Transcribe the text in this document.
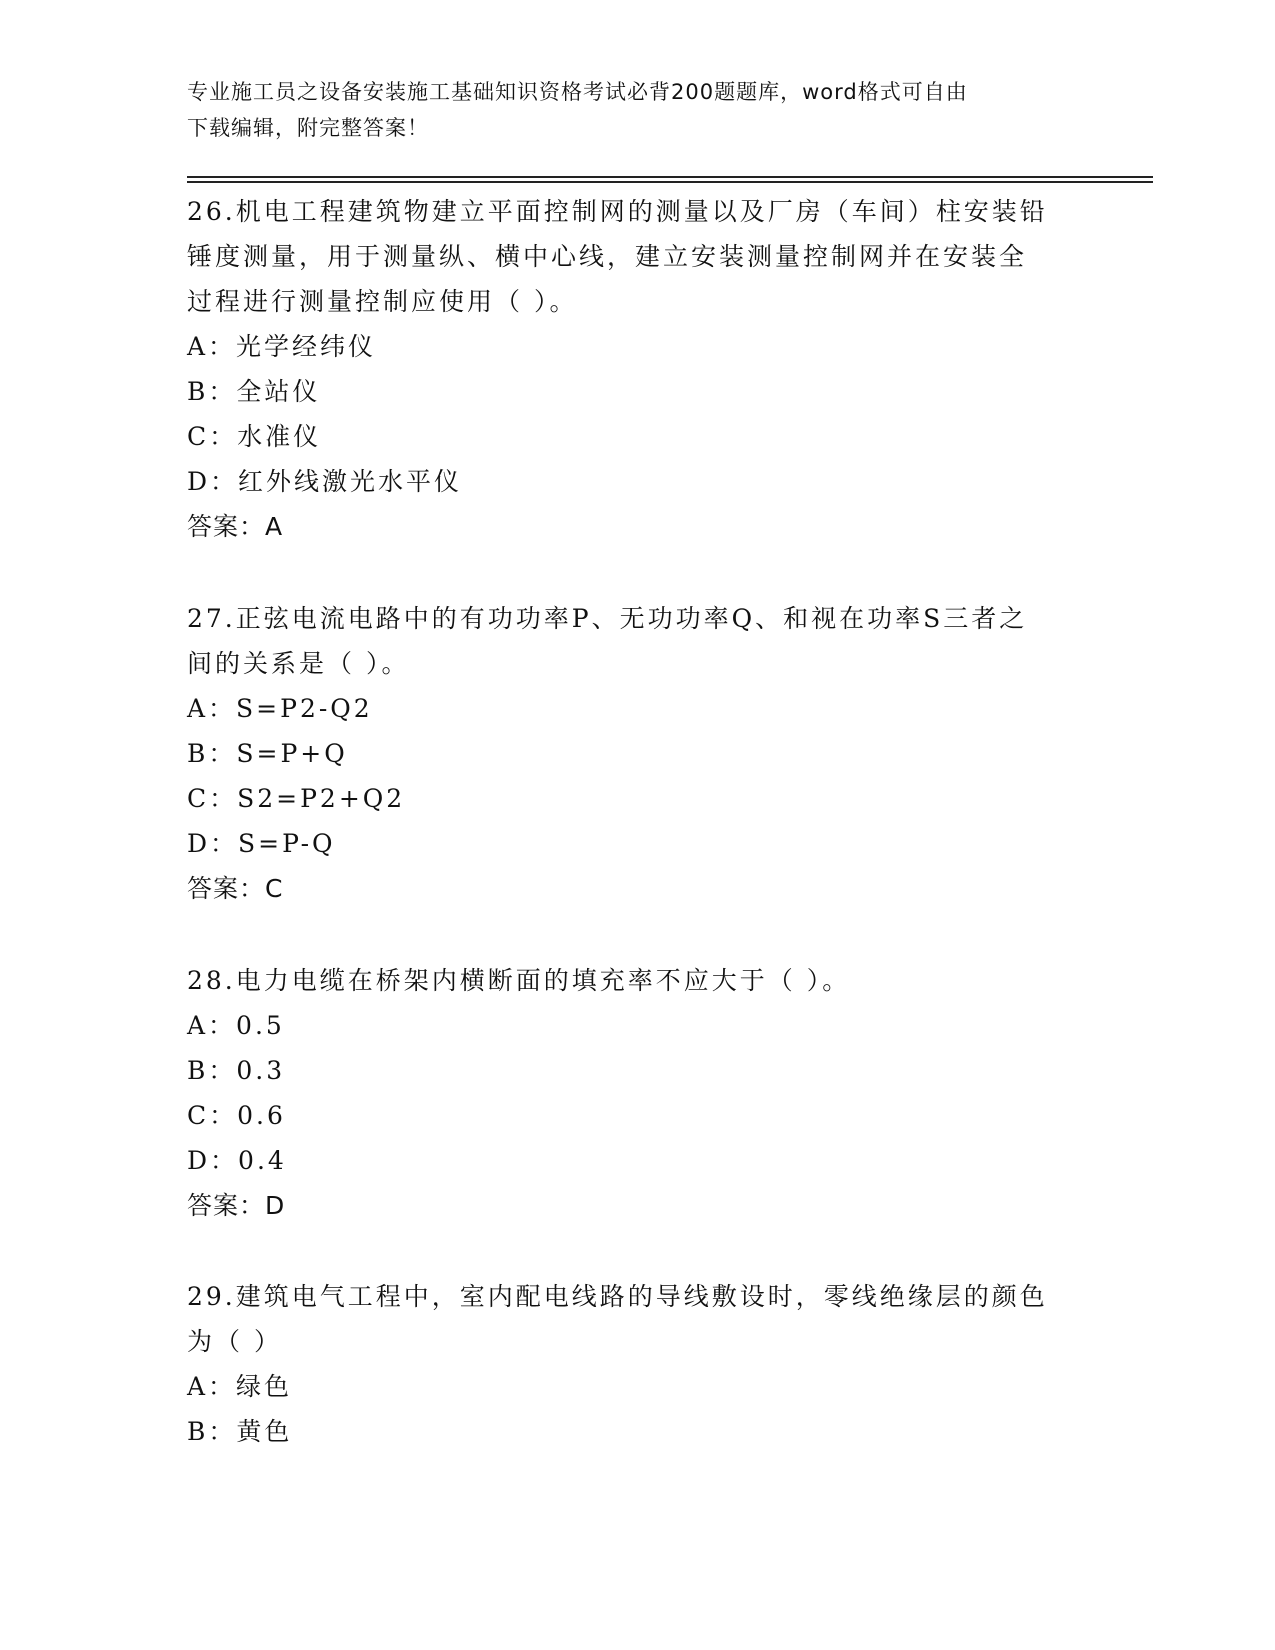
专业施工员之设备安装施工基础知识资格考试必背200题题库，word格式可自由
下载编辑，附完整答案！

26.机电工程建筑物建立平面控制网的测量以及厂房（车间）柱安装铅

锤度测量，用于测量纵、横中心线，建立安装测量控制网并在安装全

过程进行测量控制应使用（ ）。

A：光学经纬仪

B：全站仪

C：水准仪

D：红外线激光水平仪

答案：A

27.正弦电流电路中的有功功率P、无功功率Q、和视在功率S三者之

间的关系是（ ）。

A：S=P2-Q2

B：S=P+Q

C：S2=P2+Q2

D：S=P-Q

答案：C

28.电力电缆在桥架内横断面的填充率不应大于（ ）。

A：0.5

B：0.3

C：0.6

D：0.4

答案：D

29.建筑电气工程中，室内配电线路的导线敷设时，零线绝缘层的颜色

为（ ）

A：绿色

B：黄色
